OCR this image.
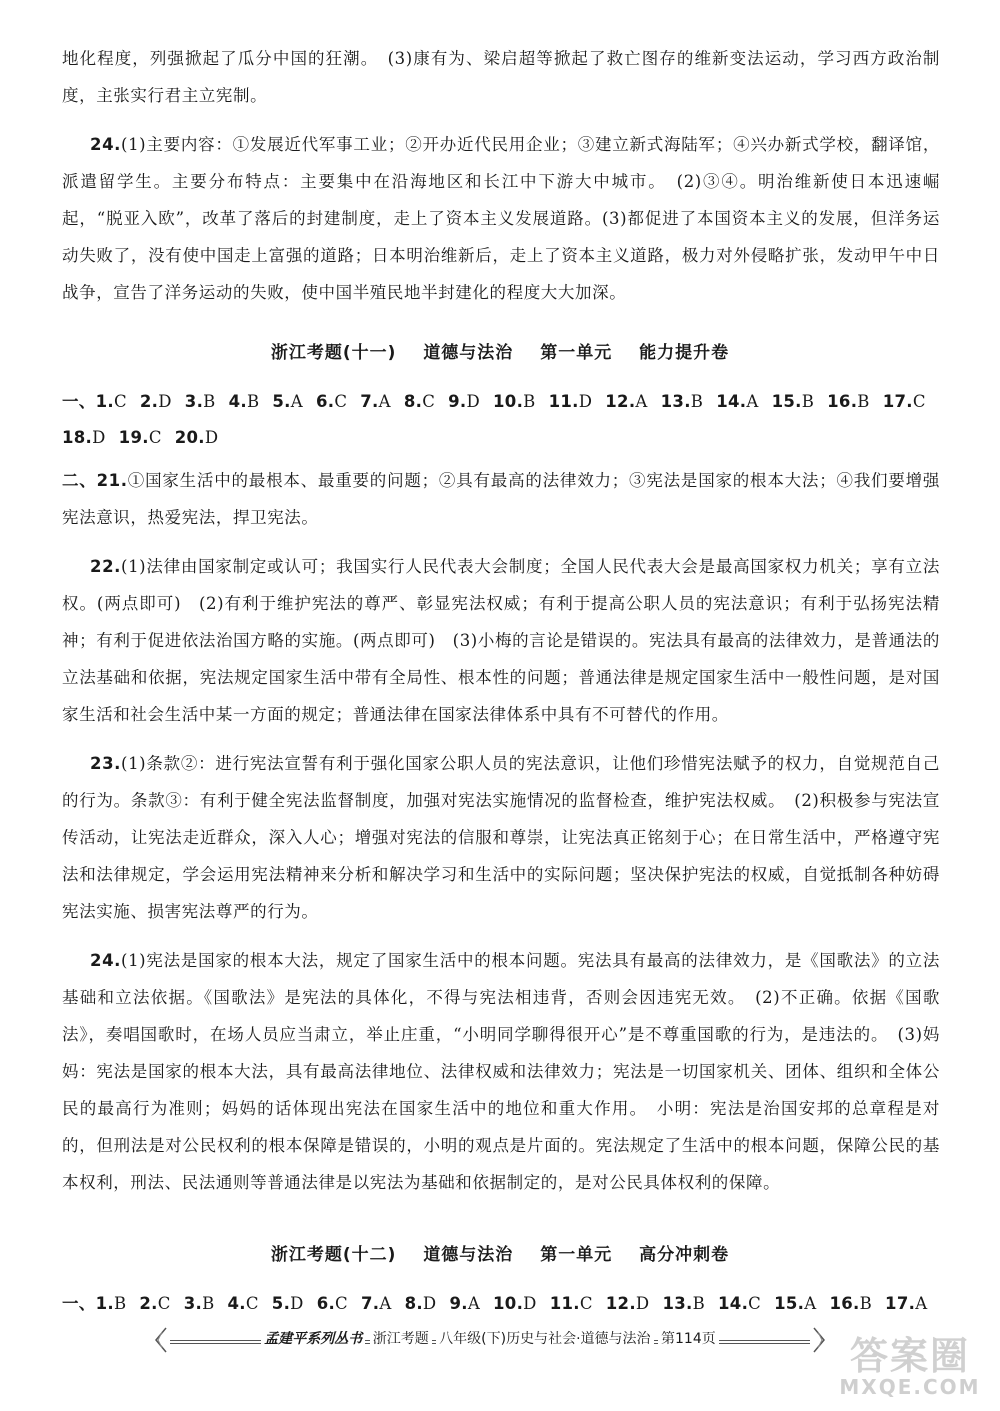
地化程度，列强掀起了瓜分中国的狂潮。　(3)康有为、梁启超等掀起了救亡图存的维新变法运动，学习西方政治制度，主张实行君主立宪制。

24.(1)主要内容：①发展近代军事工业；②开办近代民用企业；③建立新式海陆军；④兴办新式学校，翻译馆，派遣留学生。主要分布特点：主要集中在沿海地区和长江中下游大中城市。　(2)③④。明治维新使日本迅速崛起，“脱亚入欧”，改革了落后的封建制度，走上了资本主义发展道路。(3)都促进了本国资本主义的发展，但洋务运动失败了，没有使中国走上富强的道路；日本明治维新后，走上了资本主义道路，极力对外侵略扩张，发动甲午中日战争，宣告了洋务运动的失败，使中国半殖民地半封建化的程度大大加深。

浙江考题(十一) 道德与法治 第一单元 能力提升卷
一、1.C 2.D 3.B 4.B 5.A 6.C 7.A 8.C 9.D 10.B 11.D 12.A 13.B 14.A 15.B 16.B 17.C
18.D 19.C 20.D

二、21.①国家生活中的最根本、最重要的问题；②具有最高的法律效力；③宪法是国家的根本大法；④我们要增强宪法意识，热爱宪法，捍卫宪法。

22.(1)法律由国家制定或认可；我国实行人民代表大会制度；全国人民代表大会是最高国家权力机关；享有立法权。(两点即可)　(2)有利于维护宪法的尊严、彰显宪法权威；有利于提高公职人员的宪法意识；有利于弘扬宪法精神；有利于促进依法治国方略的实施。(两点即可)　(3)小梅的言论是错误的。宪法具有最高的法律效力，是普通法的立法基础和依据，宪法规定国家生活中带有全局性、根本性的问题；普通法律是规定国家生活中一般性问题，是对国家生活和社会生活中某一方面的规定；普通法律在国家法律体系中具有不可替代的作用。

23.(1)条款②：进行宪法宣誓有利于强化国家公职人员的宪法意识，让他们珍惜宪法赋予的权力，自觉规范自己的行为。条款③：有利于健全宪法监督制度，加强对宪法实施情况的监督检查，维护宪法权威。　(2)积极参与宪法宣传活动，让宪法走近群众，深入人心；增强对宪法的信服和尊崇，让宪法真正铭刻于心；在日常生活中，严格遵守宪法和法律规定，学会运用宪法精神来分析和解决学习和生活中的实际问题；坚决保护宪法的权威，自觉抵制各种妨碍宪法实施、损害宪法尊严的行为。

24.(1)宪法是国家的根本大法，规定了国家生活中的根本问题。宪法具有最高的法律效力，是《国歌法》的立法基础和立法依据。《国歌法》是宪法的具体化，不得与宪法相违背，否则会因违宪无效。　(2)不正确。依据《国歌法》，奏唱国歌时，在场人员应当肃立，举止庄重，“小明同学聊得很开心”是不尊重国歌的行为，是违法的。　(3)妈妈：宪法是国家的根本大法，具有最高法律地位、法律权威和法律效力；宪法是一切国家机关、团体、组织和全体公民的最高行为准则；妈妈的话体现出宪法在国家生活中的地位和重大作用。　小明：宪法是治国安邦的总章程是对的，但刑法是对公民权利的根本保障是错误的，小明的观点是片面的。宪法规定了生活中的根本问题，保障公民的基本权利，刑法、民法通则等普通法律是以宪法为基础和依据制定的，是对公民具体权利的保障。

浙江考题(十二) 道德与法治 第一单元 高分冲刺卷
一、1.B 2.C 3.B 4.C 5.D 6.C 7.A 8.D 9.A 10.D 11.C 12.D 13.B 14.C 15.A 16.B 17.A
孟建平系列丛书 浙江考题 八年级(下)历史与社会·道德与法治 第114页	答案圈
MXQE.COM
